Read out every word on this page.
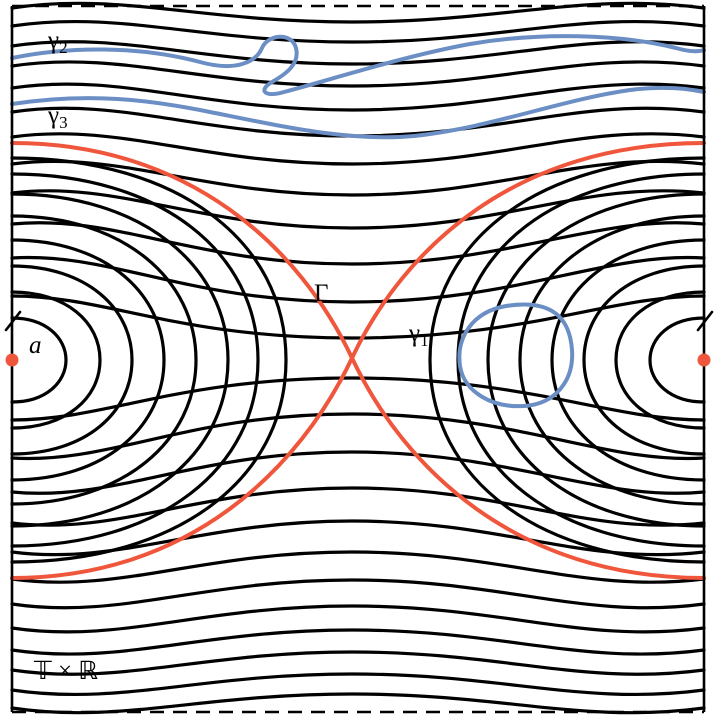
γ2
γ3
γ1
Γ
a
𝕋 × ℝ
